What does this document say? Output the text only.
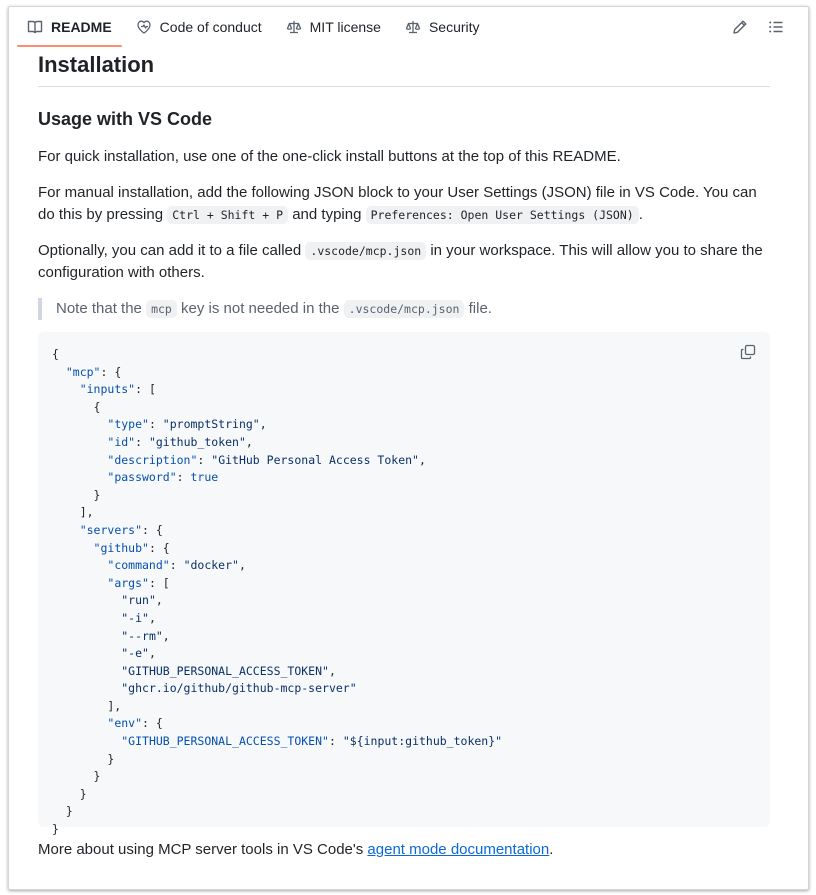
README	Code of conduct	MIT license	Security
Installation
Usage with VS Code

For quick installation, use one of the one-click install buttons at the top of this README.

For manual installation, add the following JSON block to your User Settings (JSON) file in VS Code. You can do this by pressing Ctrl + Shift + P and typing Preferences: Open User Settings (JSON) .

Optionally, you can add it to a file called .vscode/mcp.json in your workspace. This will allow you to share the configuration with others.

Note that the mcp key is not needed in the .vscode/mcp.json file.
{
"mcp": {
"inputs": [
{
"type": "promptString",
"id": "github_token",
"description": "GitHub Personal Access Token",
"password": true
}
],
"servers": {
"github": {
"command": "docker",
"args": [
"run",
"-i",
"--rm",
"-e",
"GITHUB_PERSONAL_ACCESS_TOKEN",
"ghcr.io/github/github-mcp-server"
],
"env": {
"GITHUB_PERSONAL_ACCESS_TOKEN": "${input:github_token}"
}
}
}
}
}

More about using MCP server tools in VS Code's agent mode documentation.
